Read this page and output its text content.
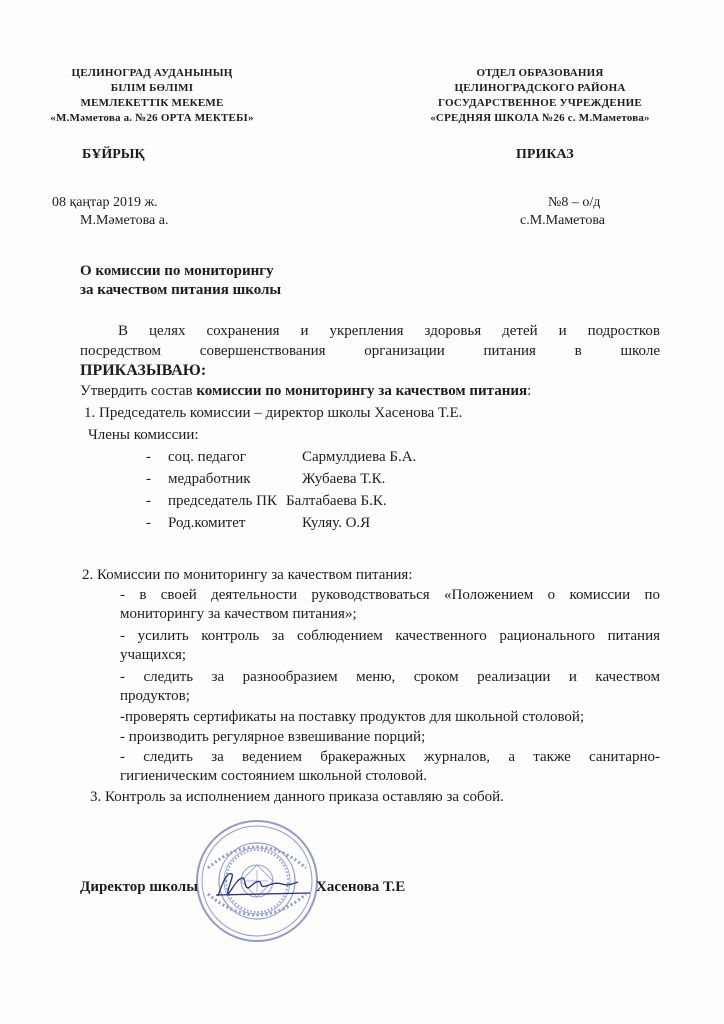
ЦЕЛИНОГРАД АУДАНЫНЫҢ
БІЛІМ БӨЛІМІ
МЕМЛЕКЕТТІК МЕКЕМЕ
«М.Мәметова а. №26 ОРТА МЕКТЕБІ»
ОТДЕЛ ОБРАЗОВАНИЯ
ЦЕЛИНОГРАДСКОГО РАЙОНА
ГОСУДАРСТВЕННОЕ УЧРЕЖДЕНИЕ
«СРЕДНЯЯ ШКОЛА №26 с. М.Маметова»
БҰЙРЫҚ	ПРИКАЗ
08 қаңтар 2019 ж.
М.Мәметова а.
№8 – о/д
с.М.Маметова
О комиссии по мониторингу
за качеством питания школы
В целях сохранения и укрепления здоровья детей и подростков
посредством совершенствования организации питания в школе
ПРИКАЗЫВАЮ:
Утвердить состав комиссии по мониторингу за качеством питания:
1. Председатель комиссии – директор школы Хасенова Т.Е.
Члены комиссии:
- соц. педагог	Сармулдиева Б.А.
- медработник	Жубаева Т.К.
- председатель ПК Балтабаева Б.К.
- Род.комитет	Куляу. О.Я
2. Комиссии по мониторингу за качеством питания:
- в своей деятельности руководствоваться «Положением о комиссии по
мониторингу за качеством питания»;
- усилить контроль за соблюдением качественного рационального питания
учащихся;
- следить за разнообразием меню, сроком реализации и качеством
продуктов;
-проверять сертификаты на поставку продуктов для школьной столовой;
- производить регулярное взвешивание порций;
- следить за ведением бракеражных журналов, а также санитарно-
гигиеническим состоянием школьной столовой.
3. Контроль за исполнением данного приказа оставляю за собой.
Директор школы	Хасенова Т.Е
